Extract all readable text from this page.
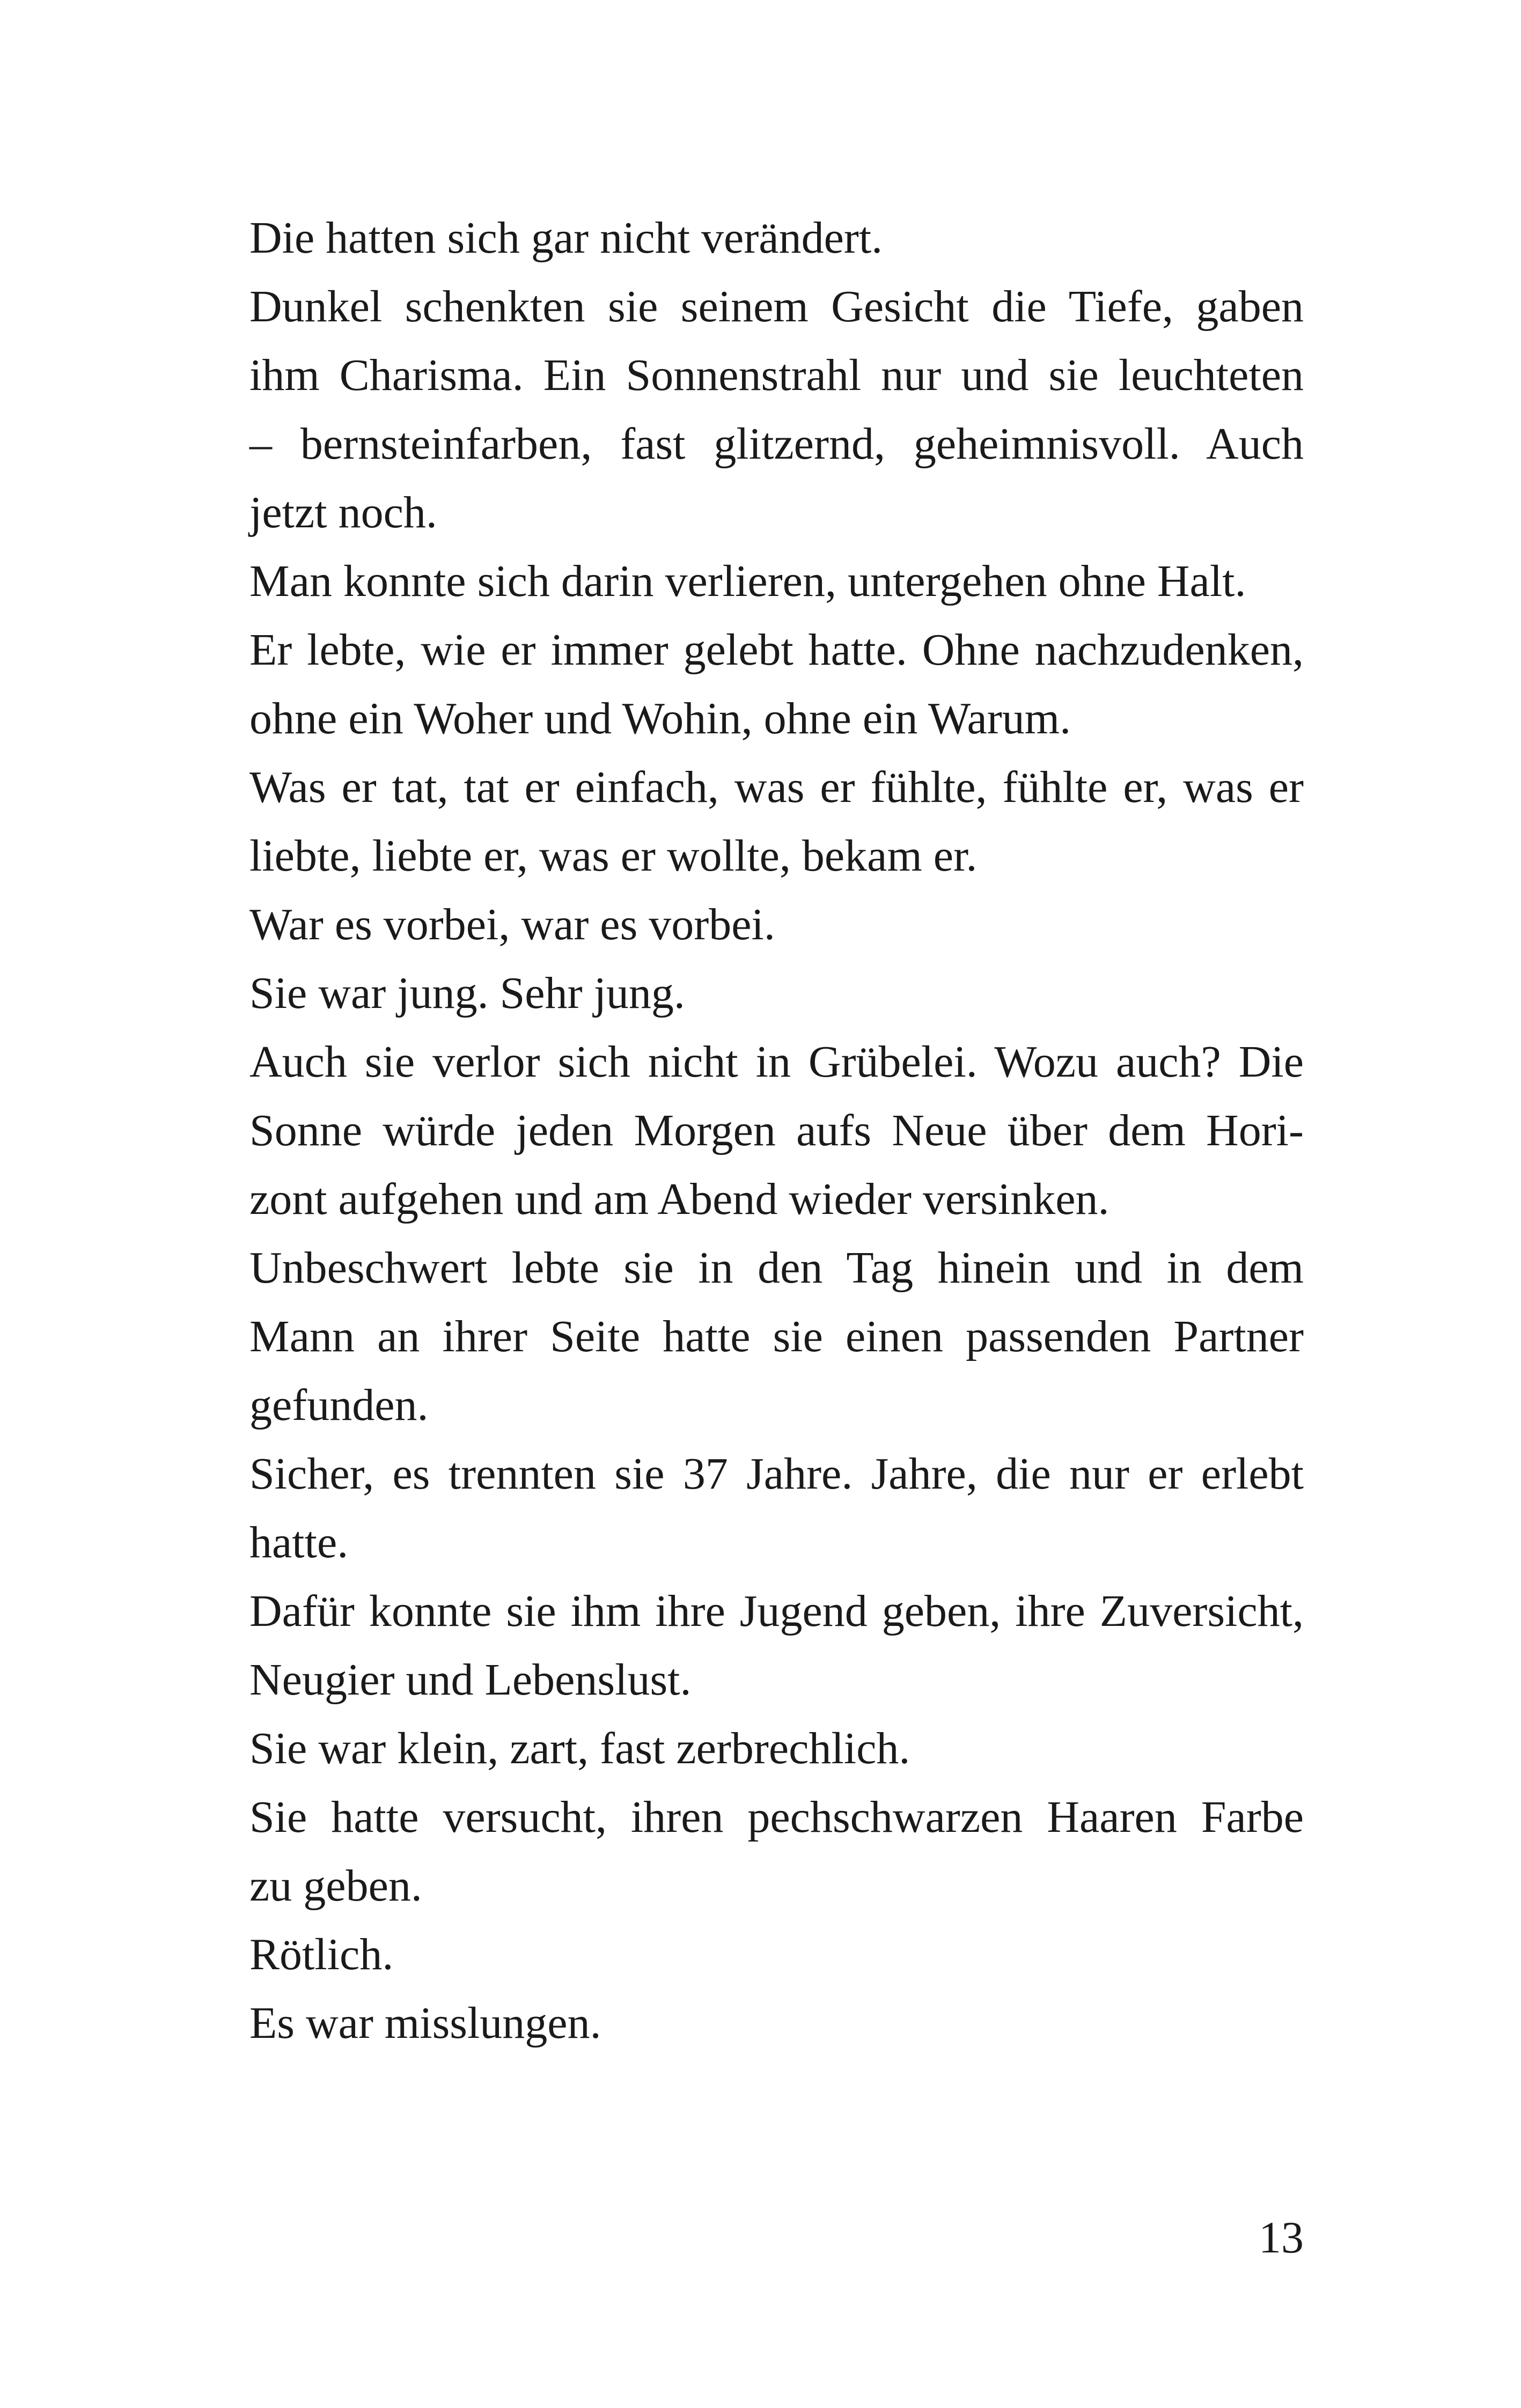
Die hatten sich gar nicht verändert.
Dunkel schenkten sie seinem Gesicht die Tiefe, gaben
ihm Charisma. Ein Sonnenstrahl nur und sie leuchteten
– bernsteinfarben, fast glitzernd, geheimnisvoll. Auch
jetzt noch.
Man konnte sich darin verlieren, untergehen ohne Halt.
Er lebte, wie er immer gelebt hatte. Ohne nachzudenken,
ohne ein Woher und Wohin, ohne ein Warum.
Was er tat, tat er einfach, was er fühlte, fühlte er, was er
liebte, liebte er, was er wollte, bekam er.
War es vorbei, war es vorbei.
Sie war jung. Sehr jung.
Auch sie verlor sich nicht in Grübelei. Wozu auch? Die
Sonne würde jeden Morgen aufs Neue über dem Hori-
zont aufgehen und am Abend wieder versinken.
Unbeschwert lebte sie in den Tag hinein und in dem
Mann an ihrer Seite hatte sie einen passenden Partner
gefunden.
Sicher, es trennten sie 37 Jahre. Jahre, die nur er erlebt
hatte.
Dafür konnte sie ihm ihre Jugend geben, ihre Zuversicht,
Neugier und Lebenslust.
Sie war klein, zart, fast zerbrechlich.
Sie hatte versucht, ihren pechschwarzen Haaren Farbe
zu geben.
Rötlich.
Es war misslungen.
13
